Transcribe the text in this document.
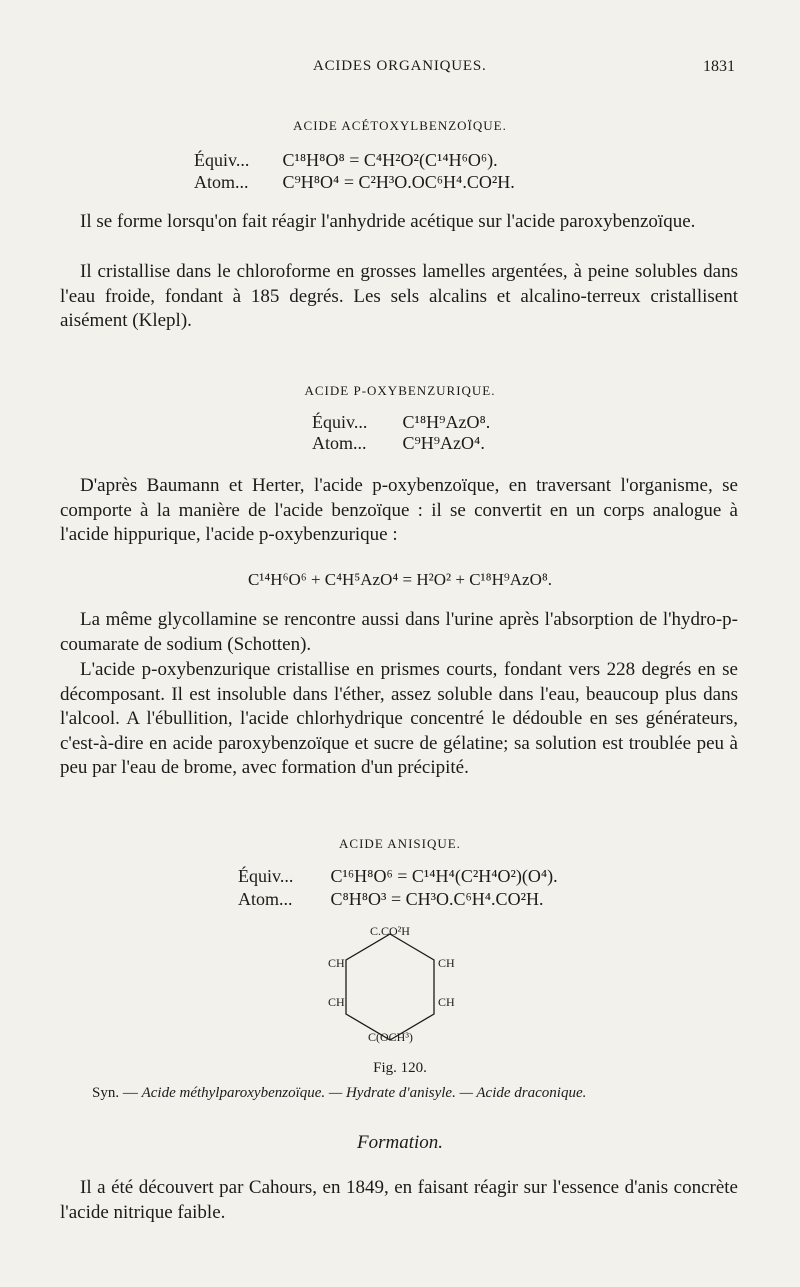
ACIDES ORGANIQUES.	1831
ACIDE ACÉTOXYLBENZOÏQUE.
Équiv... C¹⁸H⁸O⁸ = C⁴H²O²(C¹⁴H⁶O⁶).
Atom... C⁹H⁸O⁴ = C²H³O.OC⁶H⁴.CO²H.

Il se forme lorsqu'on fait réagir l'anhydride acétique sur l'acide paroxybenzoïque.

Il cristallise dans le chloroforme en grosses lamelles argentées, à peine solubles dans l'eau froide, fondant à 185 degrés. Les sels alcalins et alcalino-terreux cristallisent aisément (Klepl).

ACIDE P-OXYBENZURIQUE.
Équiv... C¹⁸H⁹AzO⁸.
Atom... C⁹H⁹AzO⁴.

D'après Baumann et Herter, l'acide p-oxybenzoïque, en traversant l'organisme, se comporte à la manière de l'acide benzoïque : il se convertit en un corps analogue à l'acide hippurique, l'acide p-oxybenzurique :

C¹⁴H⁶O⁶ + C⁴H⁵AzO⁴ = H²O² + C¹⁸H⁹AzO⁸.

La même glycollamine se rencontre aussi dans l'urine après l'absorption de l'hydro-p-coumarate de sodium (Schotten).

L'acide p-oxybenzurique cristallise en prismes courts, fondant vers 228 degrés en se décomposant. Il est insoluble dans l'éther, assez soluble dans l'eau, beaucoup plus dans l'alcool. A l'ébullition, l'acide chlorhydrique concentré le dédouble en ses générateurs, c'est-à-dire en acide paroxybenzoïque et sucre de gélatine; sa solution est troublée peu à peu par l'eau de brome, avec formation d'un précipité.

ACIDE ANISIQUE.
Équiv... C¹⁶H⁸O⁶ = C¹⁴H⁴(C²H⁴O²)(O⁴).
Atom... C⁸H⁸O³ = CH³O.C⁶H⁴.CO²H.
C.CO²H
CH	CH
CH	CH
C(OCH³)
Fig. 120.
Syn. — Acide méthylparoxybenzoïque. — Hydrate d'anisyle. — Acide draconique.
Formation.

Il a été découvert par Cahours, en 1849, en faisant réagir sur l'essence d'anis concrète l'acide nitrique faible.
